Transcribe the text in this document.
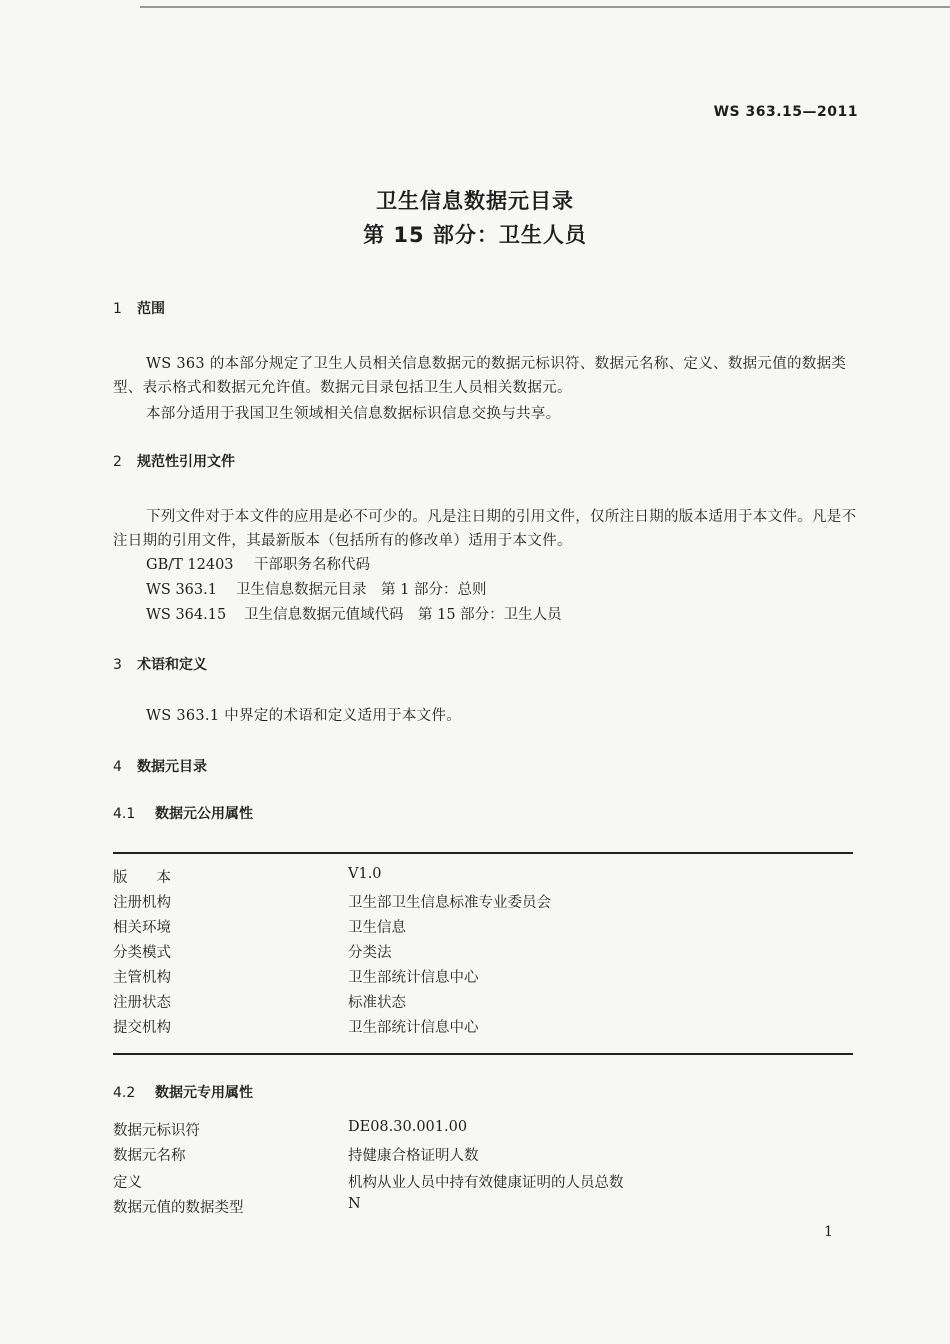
WS 363.15—2011
卫生信息数据元目录
第 15 部分：卫生人员
1 范围
WS 363 的本部分规定了卫生人员相关信息数据元的数据元标识符、数据元名称、定义、数据元值的数据类型、表示格式和数据元允许值。数据元目录包括卫生人员相关数据元。
本部分适用于我国卫生领域相关信息数据标识信息交换与共享。
2 规范性引用文件
下列文件对于本文件的应用是必不可少的。凡是注日期的引用文件，仅所注日期的版本适用于本文件。凡是不注日期的引用文件，其最新版本（包括所有的修改单）适用于本文件。
GB/T 12403 干部职务名称代码
WS 363.1 卫生信息数据元目录　第 1 部分：总则
WS 364.15 卫生信息数据元值域代码　第 15 部分：卫生人员
3 术语和定义
WS 363.1 中界定的术语和定义适用于本文件。
4 数据元目录
4.1 数据元公用属性
版　　本	V1.0
注册机构	卫生部卫生信息标准专业委员会
相关环境	卫生信息
分类模式	分类法
主管机构	卫生部统计信息中心
注册状态	标准状态
提交机构	卫生部统计信息中心
4.2 数据元专用属性
数据元标识符	DE08.30.001.00
数据元名称	持健康合格证明人数
定义	机构从业人员中持有效健康证明的人员总数
数据元值的数据类型	N
1
